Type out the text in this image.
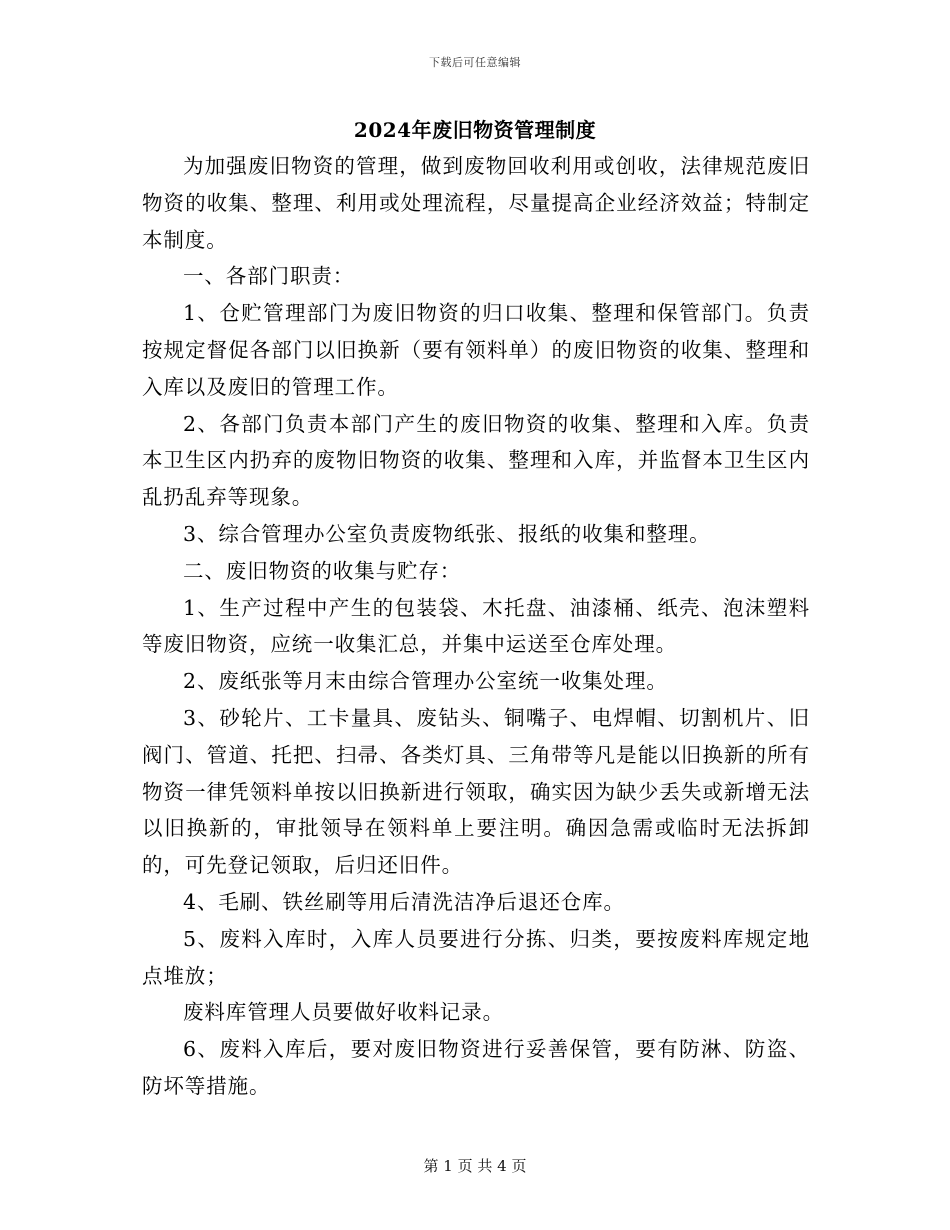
下载后可任意编辑
2024年废旧物资管理制度

为加强废旧物资的管理，做到废物回收利用或创收，法律规范废旧物资的收集、整理、利用或处理流程，尽量提高企业经济效益；特制定本制度。

一、各部门职责：

1、仓贮管理部门为废旧物资的归口收集、整理和保管部门。负责按规定督促各部门以旧换新（要有领料单）的废旧物资的收集、整理和入库以及废旧的管理工作。

2、各部门负责本部门产生的废旧物资的收集、整理和入库。负责本卫生区内扔弃的废物旧物资的收集、整理和入库，并监督本卫生区内乱扔乱弃等现象。

3、综合管理办公室负责废物纸张、报纸的收集和整理。

二、废旧物资的收集与贮存：

1、生产过程中产生的包装袋、木托盘、油漆桶、纸壳、泡沫塑料等废旧物资，应统一收集汇总，并集中运送至仓库处理。

2、废纸张等月末由综合管理办公室统一收集处理。

3、砂轮片、工卡量具、废钻头、铜嘴子、电焊帽、切割机片、旧阀门、管道、托把、扫帚、各类灯具、三角带等凡是能以旧换新的所有物资一律凭领料单按以旧换新进行领取，确实因为缺少丢失或新增无法以旧换新的，审批领导在领料单上要注明。确因急需或临时无法拆卸的，可先登记领取，后归还旧件。

4、毛刷、铁丝刷等用后清洗洁净后退还仓库。

5、废料入库时，入库人员要进行分拣、归类，要按废料库规定地点堆放；

废料库管理人员要做好收料记录。

6、废料入库后，要对废旧物资进行妥善保管，要有防淋、防盗、防坏等措施。

第 1 页 共 4 页
